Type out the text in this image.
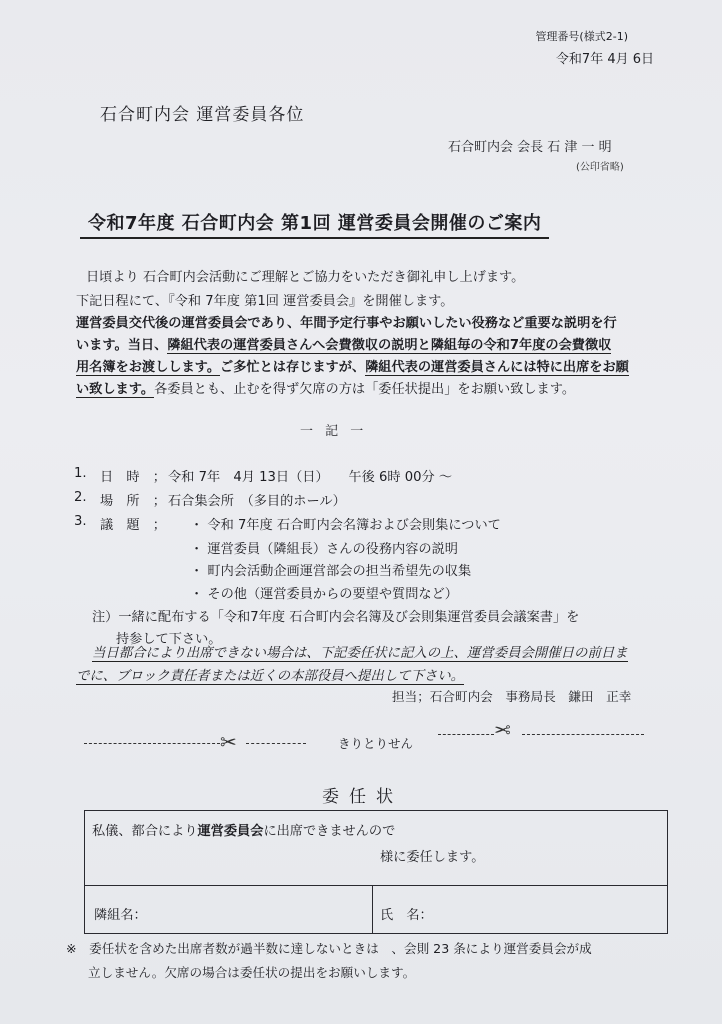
管理番号(様式2-1)
令和7年 4月 6日
石合町内会 運営委員各位
石合町内会 会長 石 津 一 明
(公印省略)
令和7年度 石合町内会 第1回 運営委員会開催のご案内
日頃より 石合町内会活動にご理解とご協力をいただき御礼申し上げます。
下記日程にて、『令和 7年度 第1回 運営委員会』を開催します。
運営委員交代後の運営委員会であり、年間予定行事やお願いしたい役務など重要な説明を行
います。当日、隣組代表の運営委員さんへ会費徴収の説明と隣組毎の令和7年度の会費徴収
用名簿をお渡しします。ご多忙とは存じますが、隣組代表の運営委員さんには特に出席をお願
い致します。各委員とも、止むを得ず欠席の方は「委任状提出」をお願い致します。
一 記 一
1. 日　時　； 令和 7年　4月 13日（日）　　午後 6時 00分 ～
2. 場　所　； 石合集会所　（多目的ホール）
3. 議　題　； ・ 令和 7年度 石合町内会名簿および会則集について
・ 運営委員（隣組長）さんの役務内容の説明
・ 町内会活動企画運営部会の担当希望先の収集
・ その他（運営委員からの要望や質問など）
注）一緒に配布する「令和7年度 石合町内会名簿及び会則集運営委員会議案書」を
持参して下さい。
当日都合により出席できない場合は、下記委任状に記入の上、運営委員会開催日の前日ま
でに、ブロック責任者または近くの本部役員へ提出して下さい。
担当；石合町内会　事務局長　鎌田　正幸
✂	きりとりせん
✂
委任状
私儀、都合により運営委員会に出席できませんので
様に委任します。
隣組名：	氏　名：
※　委任状を含めた出席者数が過半数に達しないときは　、会則 23 条により運営委員会が成
立しません。欠席の場合は委任状の提出をお願いします。
